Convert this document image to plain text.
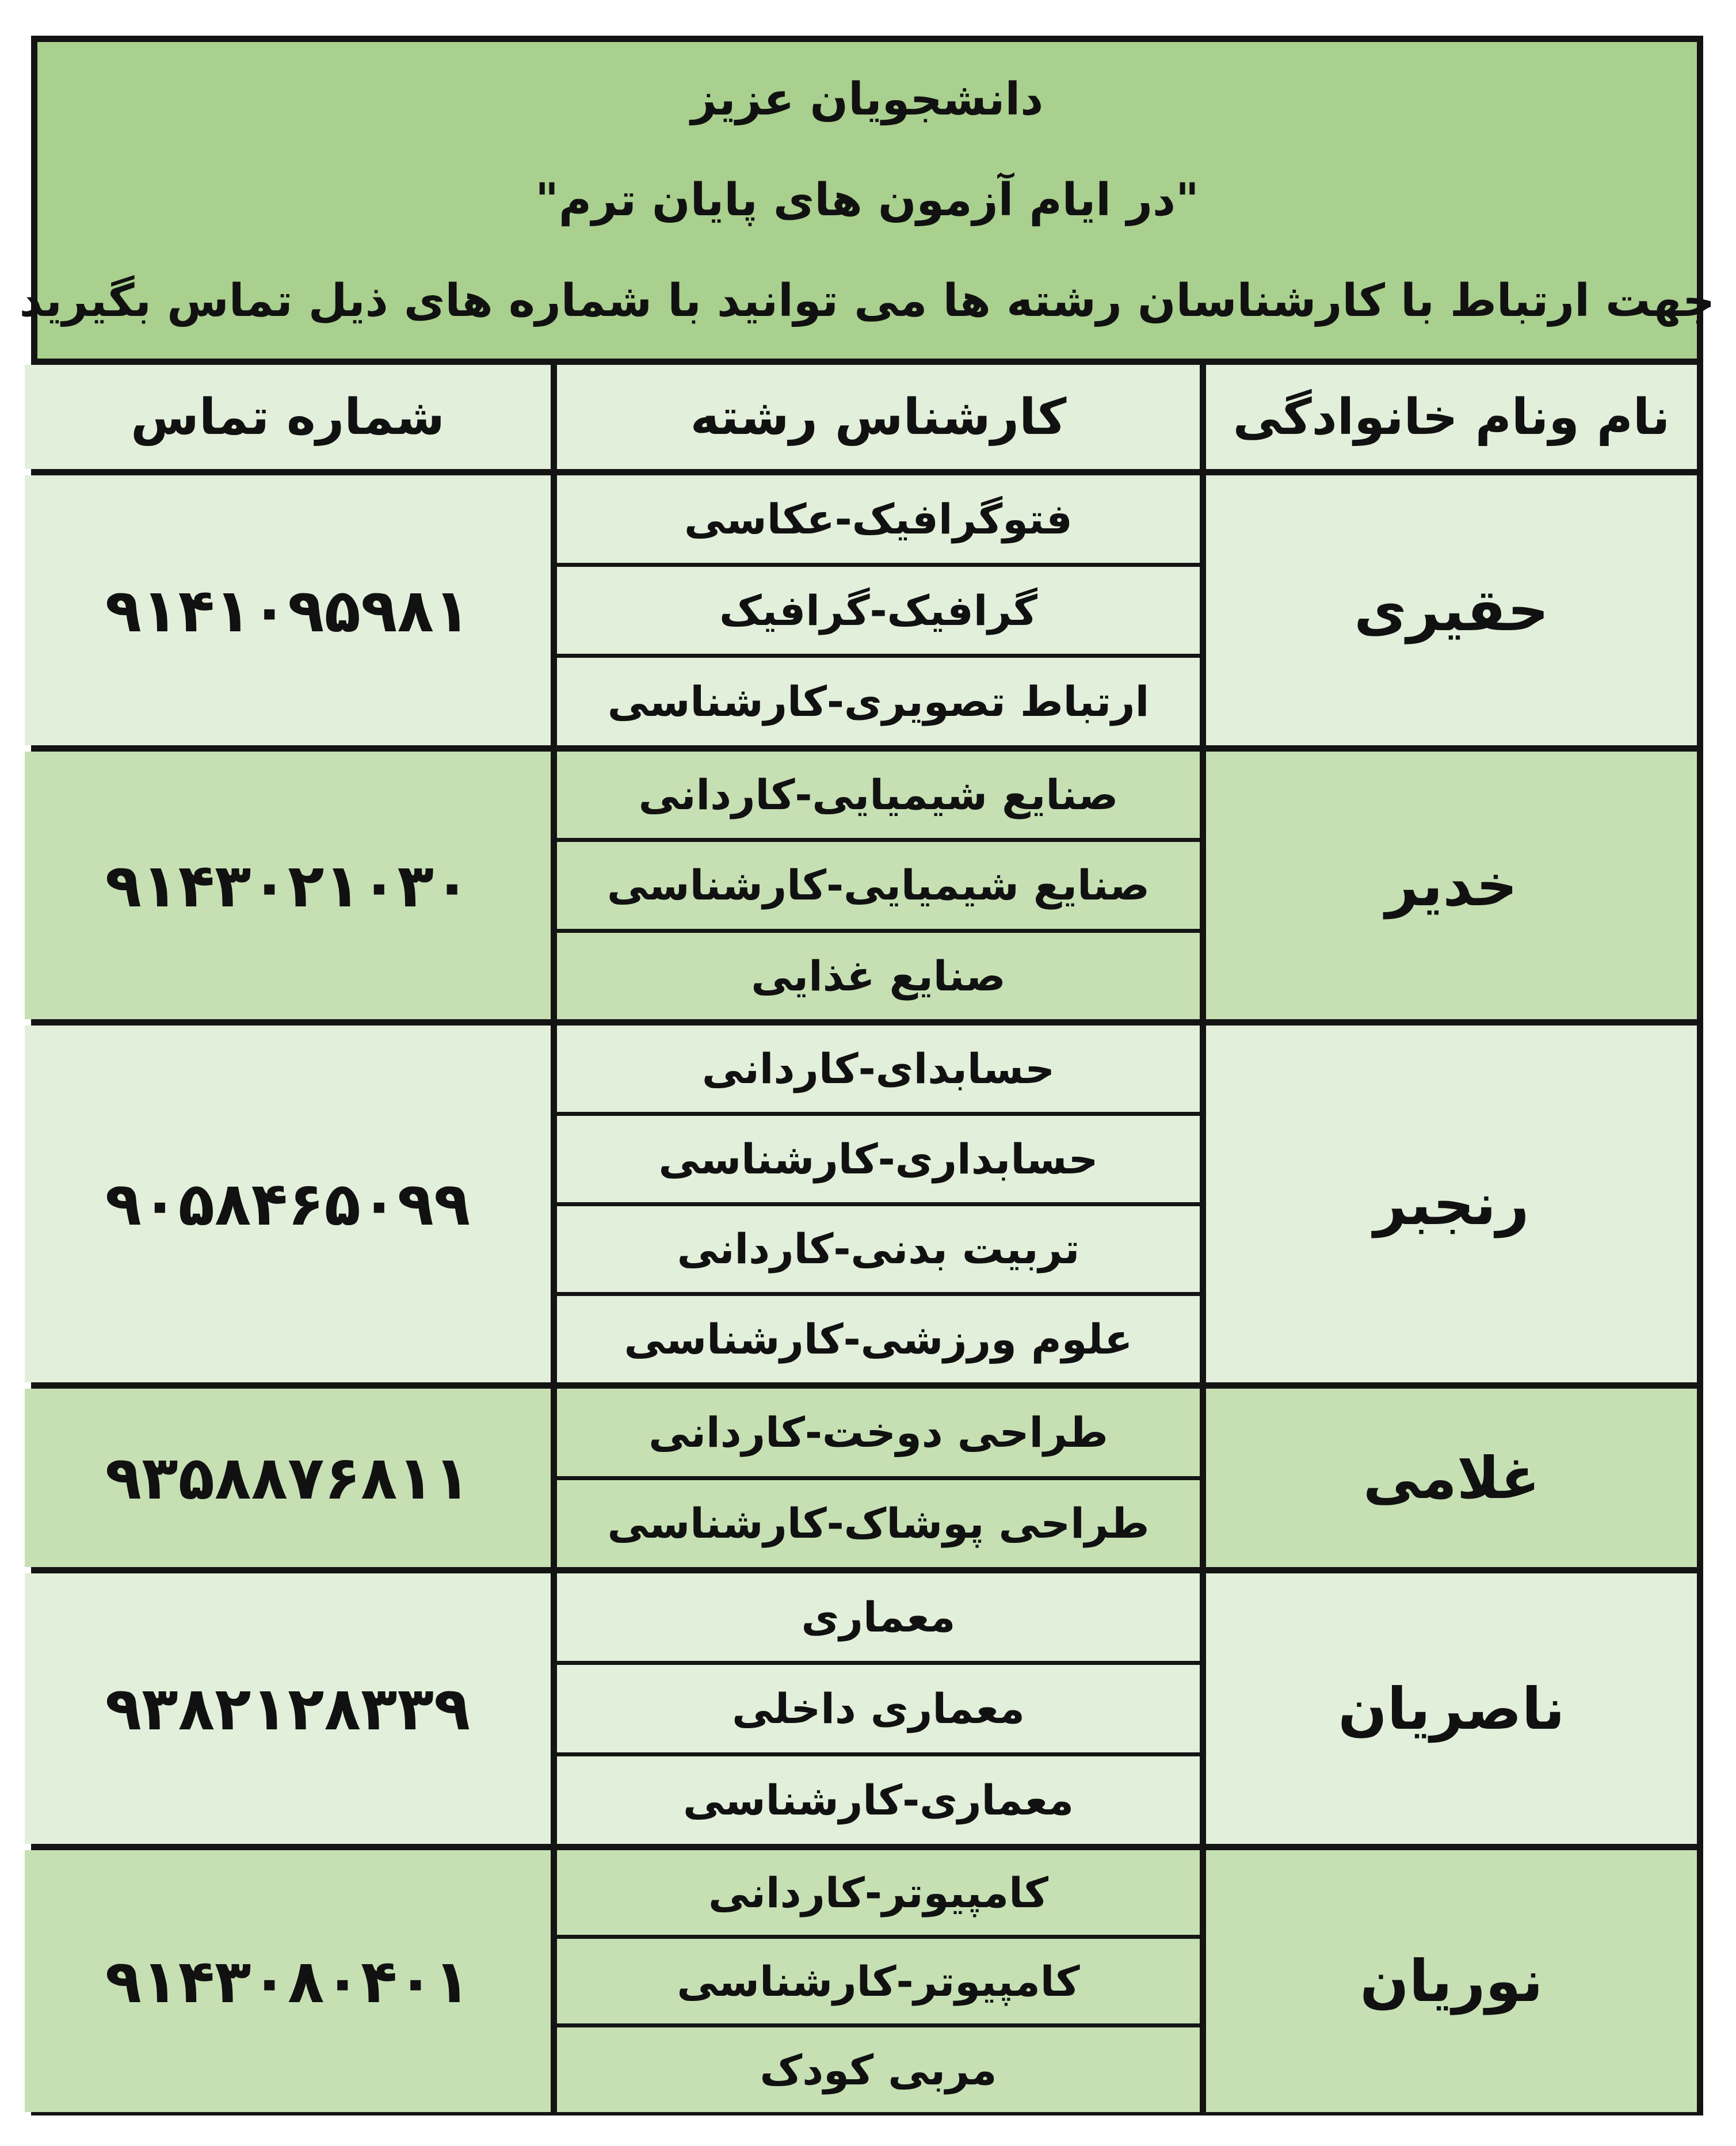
دانشجویان عزیز
"در ایام آزمون های پایان ترم"
جهت ارتباط با کارشناسان رشته ها می توانید با شماره های ذیل تماس بگیرید
نام ونام خانوادگی
کارشناس رشته
شماره تماس
حقیری
فتوگرافیک-عکاسی
گرافیک-گرافیک
ارتباط تصویری-کارشناسی
۹۱۴۱۰۹۵۹۸۱
خدیر
صنایع شیمیایی-کاردانی
صنایع شیمیایی-کارشناسی
صنایع غذایی
۹۱۴۳۰۲۱۰۳۰
رنجبر
حسابدای-کاردانی
حسابداری-کارشناسی
تربیت بدنی-کاردانی
علوم ورزشی-کارشناسی
۹۰۵۸۴۶۵۰۹۹
غلامی
طراحی دوخت-کاردانی
طراحی پوشاک-کارشناسی
۹۳۵۸۸۷۶۸۱۱
ناصریان
معماری
معماری داخلی
معماری-کارشناسی
۹۳۸۲۱۲۸۳۳۹
نوریان
کامپیوتر-کاردانی
کامپیوتر-کارشناسی
مربی کودک
۹۱۴۳۰۸۰۴۰۱
